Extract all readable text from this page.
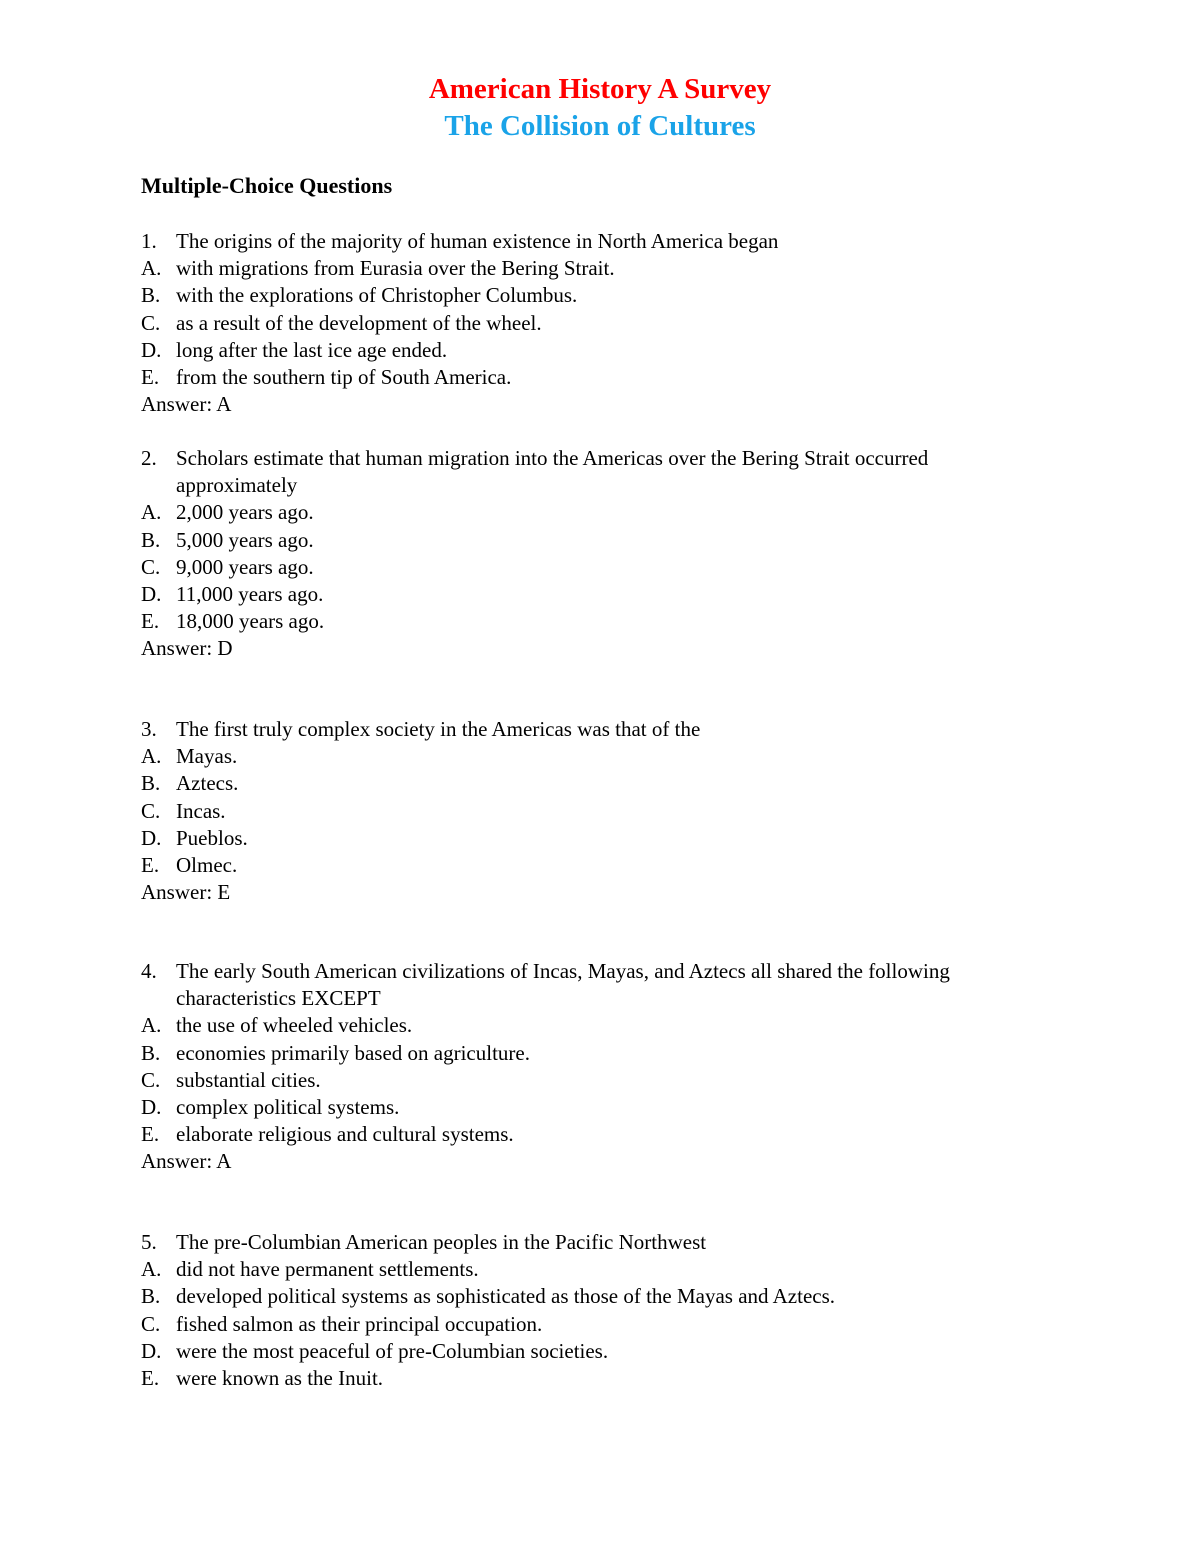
American History A Survey
The Collision of Cultures
Multiple-Choice Questions
1. The origins of the majority of human existence in North America began
A. with migrations from Eurasia over the Bering Strait.
B. with the explorations of Christopher Columbus.
C. as a result of the development of the wheel.
D. long after the last ice age ended.
E. from the southern tip of South America.
Answer: A
2. Scholars estimate that human migration into the Americas over the Bering Strait occurred
approximately
A. 2,000 years ago.
B. 5,000 years ago.
C. 9,000 years ago.
D. 11,000 years ago.
E. 18,000 years ago.
Answer: D
3. The first truly complex society in the Americas was that of the
A. Mayas.
B. Aztecs.
C. Incas.
D. Pueblos.
E. Olmec.
Answer: E
4. The early South American civilizations of Incas, Mayas, and Aztecs all shared the following
characteristics EXCEPT
A. the use of wheeled vehicles.
B. economies primarily based on agriculture.
C. substantial cities.
D. complex political systems.
E. elaborate religious and cultural systems.
Answer: A
5. The pre-Columbian American peoples in the Pacific Northwest
A. did not have permanent settlements.
B. developed political systems as sophisticated as those of the Mayas and Aztecs.
C. fished salmon as their principal occupation.
D. were the most peaceful of pre-Columbian societies.
E. were known as the Inuit.
